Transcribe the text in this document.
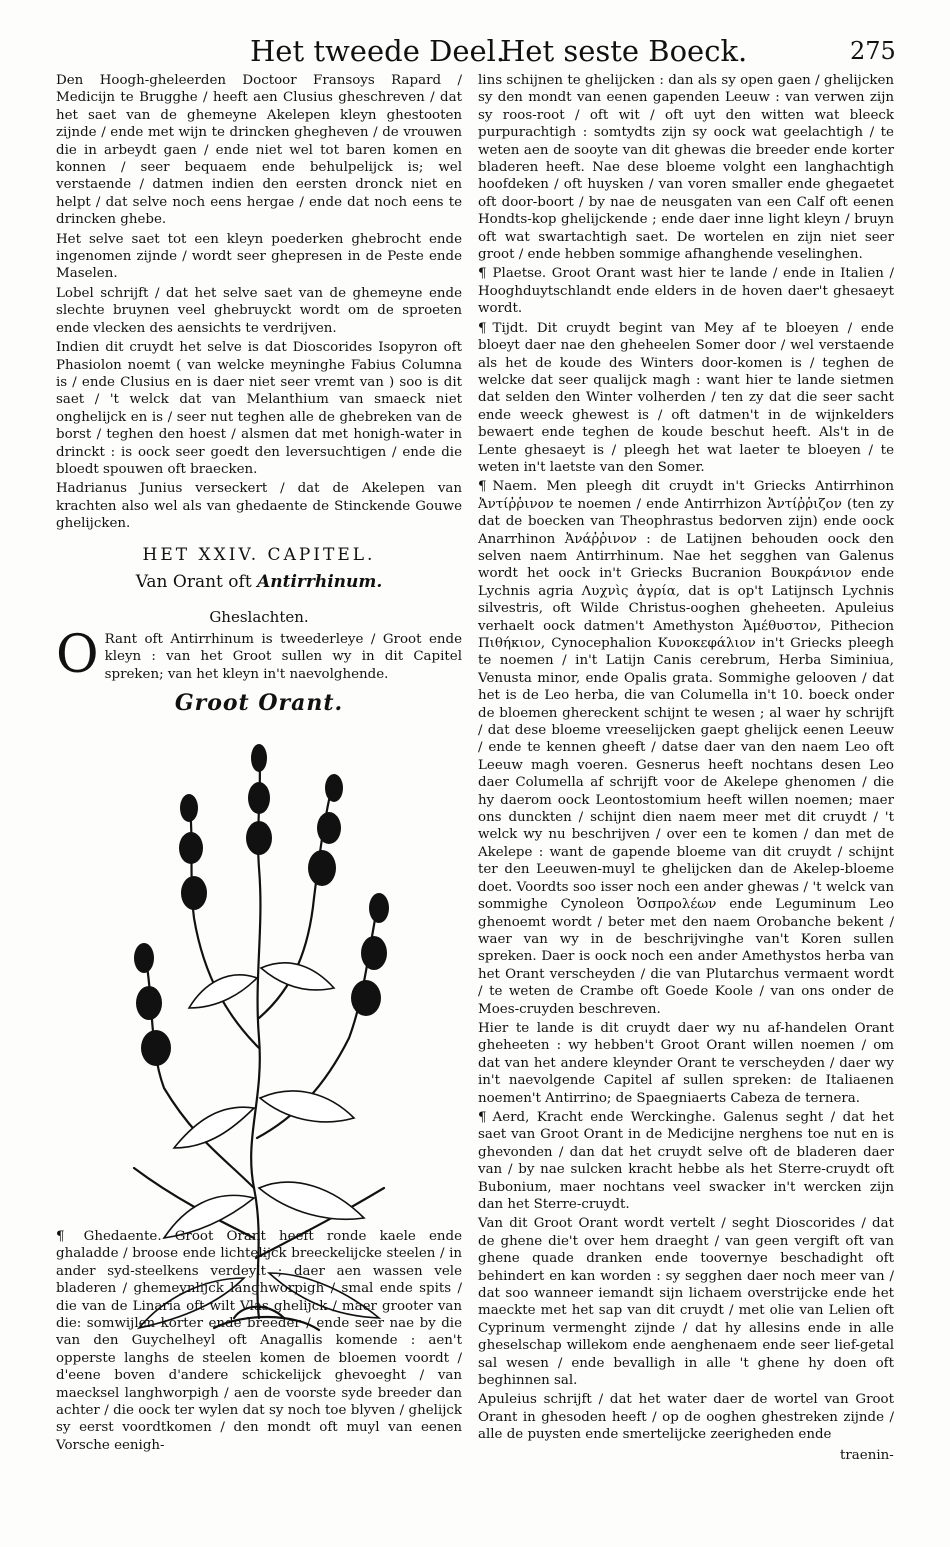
Het tweede Deel.
Het seste Boeck.	275

Den Hoogh-gheleerden Doctoor Fransoys Rapard / Medicijn te Brugghe / heeft aen Clusius gheschreven / dat het saet van de ghemeyne Akelepen kleyn ghestooten zijnde / ende met wijn te drincken ghegheven / de vrouwen die in arbeydt gaen / ende niet wel tot baren komen en konnen / seer bequaem ende behulpelijck is; wel verstaende / datmen indien den eersten dronck niet en helpt / dat selve noch eens hergae / ende dat noch eens te drincken ghebe.

Het selve saet tot een kleyn poederken ghebrocht ende ingenomen zijnde / wordt seer ghepresen in de Peste ende Maselen.

Lobel schrijft / dat het selve saet van de ghemeyne ende slechte bruynen veel ghebruyckt wordt om de sproeten ende vlecken des aensichts te verdrijven.

Indien dit cruydt het selve is dat Dioscorides Isopyron oft Phasiolon noemt ( van welcke meyninghe Fabius Columna is / ende Clusius en is daer niet seer vremt van ) soo is dit saet / 't welck dat van Melanthium van smaeck niet onghelijck en is / seer nut teghen alle de ghebreken van de borst / teghen den hoest / alsmen dat met honigh-water in drinckt : is oock seer goedt den leversuchtigen / ende die bloedt spouwen oft braecken.

Hadrianus Junius verseckert / dat de Akelepen van krachten also wel als van ghedaente de Stinckende Gouwe ghelijcken.

HET XXIV. CAPITEL.
Van Orant oft Antirrhinum.
Gheslachten.

O Rant oft Antirrhinum is tweederleye / Groot ende kleyn : van het Groot sullen wy in dit Capitel spreken; van het kleyn in't naevolghende.

Groot Orant.
¶ Ghedaente. Groot Orant heeft ronde kaele ende ghaladde / broose ende lichtelijck breeckelijcke steelen / in ander syd-steelkens verdeylt ; daer aen wassen vele bladeren / ghemeynlijck langhworpigh / smal ende spits / die van de Linaria oft wilt Vlas ghelijck / maer grooter van die: somwijlen korter ende breeder / ende seer nae by die van den Guychelheyl oft Anagallis komende : aen't opperste langhs de steelen komen de bloemen voordt / d'eene boven d'andere schickelijck ghevoeght / van maecksel langhworpigh / aen de voorste syde breeder dan achter / die oock ter wylen dat sy noch toe blyven / ghelijck sy eerst voordtkomen / den mondt oft muyl van eenen Vorsche eenigh-

lins schijnen te ghelijcken : dan als sy open gaen / ghelijcken sy den mondt van eenen gapenden Leeuw : van verwen zijn sy roos-root / oft wit / oft uyt den witten wat bleeck purpurachtigh : somtydts zijn sy oock wat geelachtigh / te weten aen de sooyte van dit ghewas die breeder ende korter bladeren heeft. Nae dese bloeme volght een langhachtigh hoofdeken / oft huysken / van voren smaller ende ghegaetet oft door-boort / by nae de neusgaten van een Calf oft eenen Hondts-kop ghelijckende ; ende daer inne light kleyn / bruyn oft wat swartachtigh saet. De wortelen en zijn niet seer groot / ende hebben sommige afhanghende veselinghen.

¶ Plaetse. Groot Orant wast hier te lande / ende in Italien / Hooghduytschlandt ende elders in de hoven daer't ghesaeyt wordt.

¶ Tijdt. Dit cruydt begint van Mey af te bloeyen / ende bloeyt daer nae den gheheelen Somer door / wel verstaende als het de koude des Winters door-komen is / teghen de welcke dat seer qualijck magh : want hier te lande sietmen dat selden den Winter volherden / ten zy dat die seer sacht ende weeck ghewest is / oft datmen't in de wijnkelders bewaert ende teghen de koude beschut heeft. Als't in de Lente ghesaeyt is / pleegh het wat laeter te bloeyen / te weten in't laetste van den Somer.

¶ Naem. Men pleegh dit cruydt in't Griecks Antirrhinon Ἀντίῤῥινον te noemen / ende Antirrhizon Ἀντίῤῥιζον (ten zy dat de boecken van Theophrastus bedorven zijn) ende oock Anarrhinon Ἀνάῤῥινον : de Latijnen behouden oock den selven naem Antirrhinum. Nae het segghen van Galenus wordt het oock in't Griecks Bucranion Βουκράνιον ende Lychnis agria Λυχνὶς ἀγρία, dat is op't Latijnsch Lychnis silvestris, oft Wilde Christus-ooghen gheheeten. Apuleius verhaelt oock datmen't Amethyston Ἀμέθυστον, Pithecion Πιθήκιον, Cynocephalion Κυνοκεφάλιον in't Griecks pleegh te noemen / in't Latijn Canis cerebrum, Herba Siminiua, Venusta minor, ende Opalis grata. Sommighe gelooven / dat het is de Leo herba, die van Columella in't 10. boeck onder de bloemen ghereckent schijnt te wesen ; al waer hy schrijft / dat dese bloeme vreeselijcken gaept ghelijck eenen Leeuw / ende te kennen gheeft / datse daer van den naem Leo oft Leeuw magh voeren. Gesnerus heeft nochtans desen Leo daer Columella af schrijft voor de Akelepe ghenomen / die hy daerom oock Leontostomium heeft willen noemen; maer ons dunckten / schijnt dien naem meer met dit cruydt / 't welck wy nu beschrijven / over een te komen / dan met de Akelepe : want de gapende bloeme van dit cruydt / schijnt ter den Leeuwen-muyl te ghelijcken dan de Akelep-bloeme doet. Voordts soo isser noch een ander ghewas / 't welck van sommighe Cynoleon Ὀσπρολέων ende Leguminum Leo ghenoemt wordt / beter met den naem Orobanche bekent / waer van wy in de beschrijvinghe van't Koren sullen spreken. Daer is oock noch een ander Amethystos herba van het Orant verscheyden / die van Plutarchus vermaent wordt / te weten de Crambe oft Goede Koole / van ons onder de Moes-cruyden beschreven.

Hier te lande is dit cruydt daer wy nu af-handelen Orant gheheeten : wy hebben't Groot Orant willen noemen / om dat van het andere kleynder Orant te verscheyden / daer wy in't naevolgende Capitel af sullen spreken: de Italiaenen noemen't Antirrino; de Spaegniaerts Cabeza de ternera.

¶ Aerd, Kracht ende Werckinghe. Galenus seght / dat het saet van Groot Orant in de Medicijne nerghens toe nut en is ghevonden / dan dat het cruydt selve oft de bladeren daer van / by nae sulcken kracht hebbe als het Sterre-cruydt oft Bubonium, maer nochtans veel swacker in't wercken zijn dan het Sterre-cruydt.

Van dit Groot Orant wordt vertelt / seght Dioscorides / dat de ghene die't over hem draeght / van geen vergift oft van ghene quade dranken ende toovernye beschadight oft behindert en kan worden : sy segghen daer noch meer van / dat soo wanneer iemandt sijn lichaem overstrijcke ende het maeckte met het sap van dit cruydt / met olie van Lelien oft Cyprinum vermenght zijnde / dat hy allesins ende in alle gheselschap willekom ende aenghenaem ende seer lief-getal sal wesen / ende bevalligh in alle 't ghene hy doen oft beghinnen sal.

Apuleius schrijft / dat het water daer de wortel van Groot Orant in ghesoden heeft / op de ooghen ghestreken zijnde / alle de puysten ende smertelijcke zeerigheden ende

traenin-
